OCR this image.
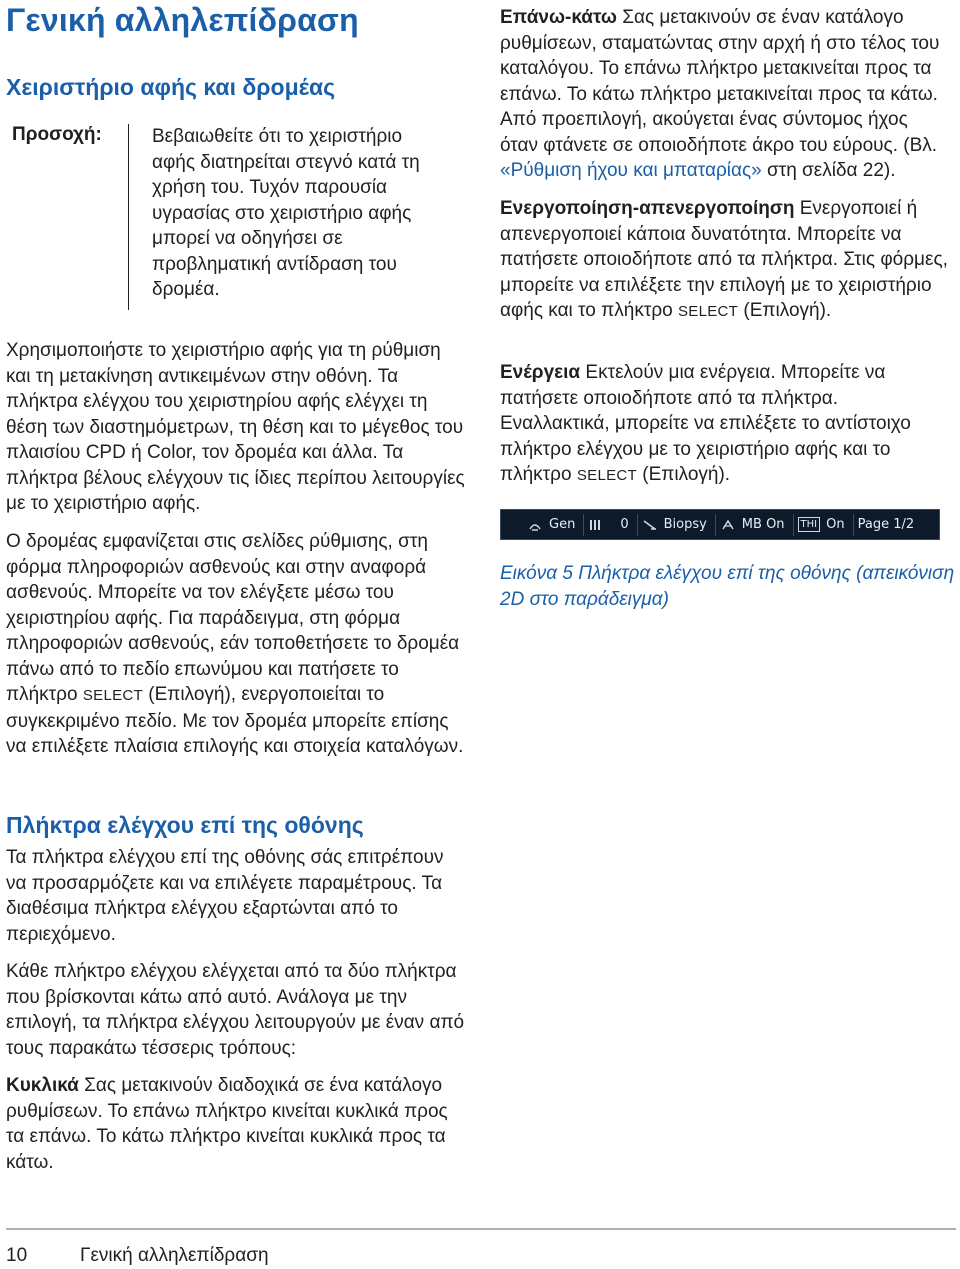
Γενική αλληλεπίδραση
Χειριστήριο αφής και δρομέας
Προσοχή:	Βεβαιωθείτε ότι το χειριστήριο αφής διατηρείται στεγνό κατά τη χρήση του. Τυχόν παρουσία υγρασίας στο χειριστήριο αφής μπορεί να οδηγήσει σε προβληματική αντίδραση του δρομέα.

Χρησιμοποιήστε το χειριστήριο αφής για τη ρύθμιση και τη μετακίνηση αντικειμένων στην οθόνη. Τα πλήκτρα ελέγχου του χειριστηρίου αφής ελέγχει τη θέση των διαστημόμετρων, τη θέση και το μέγεθος του πλαισίου CPD ή Color, τον δρομέα και άλλα. Τα πλήκτρα βέλους ελέγχουν τις ίδιες περίπου λειτουργίες με το χειριστήριο αφής.

Ο δρομέας εμφανίζεται στις σελίδες ρύθμισης, στη φόρμα πληροφοριών ασθενούς και στην αναφορά ασθενούς. Μπορείτε να τον ελέγξετε μέσω του χειριστηρίου αφής. Για παράδειγμα, στη φόρμα πληροφοριών ασθενούς, εάν τοποθετήσετε το δρομέα πάνω από το πεδίο επωνύμου και πατήσετε το πλήκτρο SELECT (Επιλογή), ενεργοποιείται το συγκεκριμένο πεδίο. Με τον δρομέα μπορείτε επίσης να επιλέξετε πλαίσια επιλογής και στοιχεία καταλόγων.

Πλήκτρα ελέγχου επί της οθόνης

Τα πλήκτρα ελέγχου επί της οθόνης σάς επιτρέπουν να προσαρμόζετε και να επιλέγετε παραμέτρους. Τα διαθέσιμα πλήκτρα ελέγχου εξαρτώνται από το περιεχόμενο.

Κάθε πλήκτρο ελέγχου ελέγχεται από τα δύο πλήκτρα που βρίσκονται κάτω από αυτό. Ανάλογα με την επιλογή, τα πλήκτρα ελέγχου λειτουργούν με έναν από τους παρακάτω τέσσερις τρόπους:

Κυκλικά Σας μετακινούν διαδοχικά σε ένα κατάλογο ρυθμίσεων. Το επάνω πλήκτρο κινείται κυκλικά προς τα επάνω. Το κάτω πλήκτρο κινείται κυκλικά προς τα κάτω.

Επάνω-κάτω Σας μετακινούν σε έναν κατάλογο ρυθμίσεων, σταματώντας στην αρχή ή στο τέλος του καταλόγου. Το επάνω πλήκτρο μετακινείται προς τα επάνω. Το κάτω πλήκτρο μετακινείται προς τα κάτω. Από προεπιλογή, ακούγεται ένας σύντομος ήχος όταν φτάνετε σε οποιοδήποτε άκρο του εύρους. (Βλ. «Ρύθμιση ήχου και μπαταρίας» στη σελίδα 22).

Ενεργοποίηση-απενεργοποίηση Ενεργοποιεί ή απενεργοποιεί κάποια δυνατότητα. Μπορείτε να πατήσετε οποιοδήποτε από τα πλήκτρα. Στις φόρμες, μπορείτε να επιλέξετε την επιλογή με το χειριστήριο αφής και το πλήκτρο SELECT (Επιλογή).

Ενέργεια Εκτελούν μια ενέργεια. Μπορείτε να πατήσετε οποιοδήποτε από τα πλήκτρα. Εναλλακτικά, μπορείτε να επιλέξετε το αντίστοιχο πλήκτρο ελέγχου με το χειριστήριο αφής και το πλήκτρο SELECT (Επιλογή).

Gen	0	Biopsy	MB On	THI On Page 1/2

Εικόνα 5 Πλήκτρα ελέγχου επί της οθόνης (απεικόνιση 2D στο παράδειγμα)

10	Γενική αλληλεπίδραση
